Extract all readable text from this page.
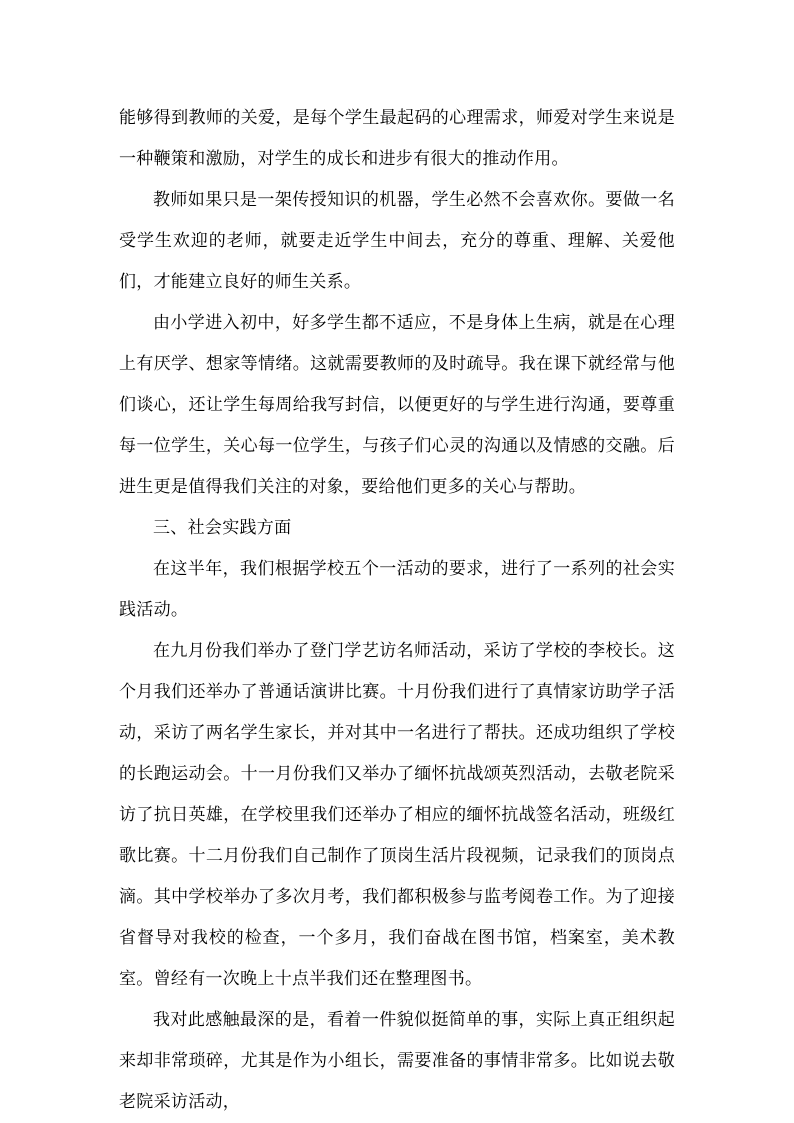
能够得到教师的关爱，是每个学生最起码的心理需求，师爱对学生来说是一种鞭策和激励，对学生的成长和进步有很大的推动作用。

教师如果只是一架传授知识的机器，学生必然不会喜欢你。要做一名受学生欢迎的老师，就要走近学生中间去，充分的尊重、理解、关爱他们，才能建立良好的师生关系。

由小学进入初中，好多学生都不适应，不是身体上生病，就是在心理上有厌学、想家等情绪。这就需要教师的及时疏导。我在课下就经常与他们谈心，还让学生每周给我写封信，以便更好的与学生进行沟通，要尊重每一位学生，关心每一位学生，与孩子们心灵的沟通以及情感的交融。后进生更是值得我们关注的对象，要给他们更多的关心与帮助。

三、社会实践方面

在这半年，我们根据学校五个一活动的要求，进行了一系列的社会实践活动。

在九月份我们举办了登门学艺访名师活动，采访了学校的李校长。这个月我们还举办了普通话演讲比赛。十月份我们进行了真情家访助学子活动，采访了两名学生家长，并对其中一名进行了帮扶。还成功组织了学校的长跑运动会。十一月份我们又举办了缅怀抗战颂英烈活动，去敬老院采访了抗日英雄，在学校里我们还举办了相应的缅怀抗战签名活动，班级红歌比赛。十二月份我们自己制作了顶岗生活片段视频，记录我们的顶岗点滴。其中学校举办了多次月考，我们都积极参与监考阅卷工作。为了迎接省督导对我校的检查，一个多月，我们奋战在图书馆，档案室，美术教室。曾经有一次晚上十点半我们还在整理图书。

我对此感触最深的是，看着一件貌似挺简单的事，实际上真正组织起来却非常琐碎，尤其是作为小组长，需要准备的事情非常多。比如说去敬老院采访活动，
